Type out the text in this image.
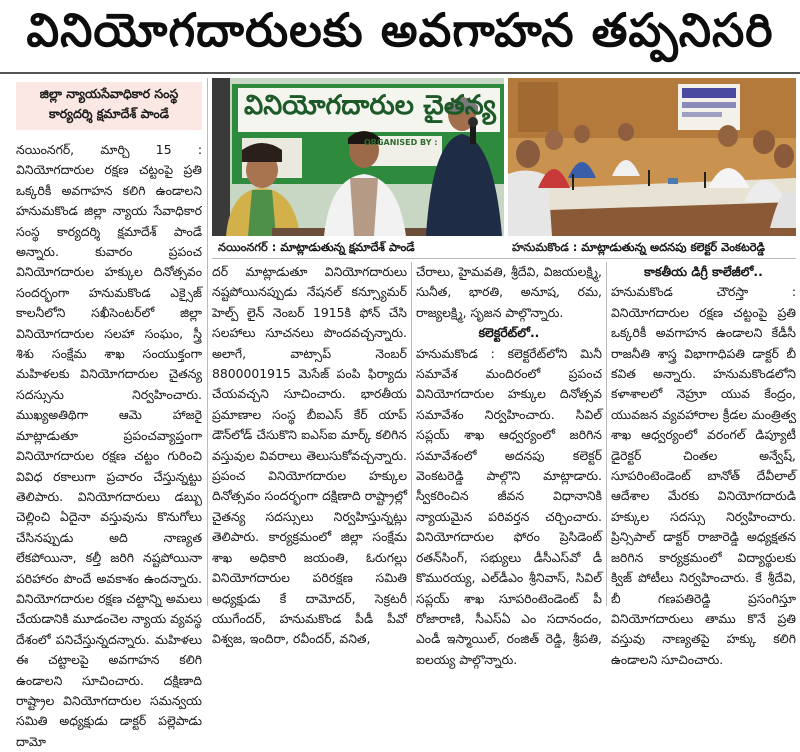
వినియోగదారులకు అవగాహన తప్పనిసరి
జిల్లా న్యాయసేవాధికార సంస్థ
కార్యదర్శి క్షమాదేశ్ పాండే

నయింనగర్, మార్చి 15 : వినియోగదారుల రక్షణ చట్టంపై ప్రతి ఒక్కరికీ అవగాహన కలిగి ఉండాలని హనుమకొండ జిల్లా న్యాయ సేవాధికార సంస్థ కార్యదర్శి క్షమాదేశ్ పాండే అన్నారు. కువారం ప్రపంచ వినియోగదారుల హక్కుల దినోత్సవం సందర్భంగా హనుమకొండ ఎక్సైజ్ కాలనీలోని సఖీసెంటర్‌లో జిల్లా వినియోగదారుల సలహా సంఘం, స్త్రీ శిశు సంక్షేమ శాఖ సంయుక్తంగా మహిళలకు వినియోగదారుల చైతన్య సదస్సును నిర్వహించారు. ముఖ్యఅతిథిగా ఆమె హాజరై మాట్లాడుతూ ప్రపంచవ్యాప్తంగా వినియోగదారుల రక్షణ చట్టం గురించి వివిధ రకాలుగా ప్రచారం చేస్తున్నట్టు తెలిపారు. వినియోగదారులు డబ్బు చెల్లించి ఏదైనా వస్తువును కొనుగోలు చేసినప్పుడు అది నాణ్యత లేకపోయినా, కల్తీ జరిగి నష్టపోయినా పరిహారం పొందే అవకాశం ఉందన్నారు. వినియోగదారుల రక్షణ చట్టాన్ని అమలు చేయడానికి మూడంచెల న్యాయ వ్యవస్థ దేశంలో పనిచేస్తున్నదన్నారు. మహిళలు ఈ చట్టాలపై అవగాహన కలిగి ఉండాలని సూచించారు. దక్షిణాది రాష్ట్రాల వినియోగదారుల సమన్వయ సమితి అధ్యక్షుడు డాక్టర్ పల్లెపాడు దామో

వినియోగదారుల చైతన్య
ORGANISED BY :
నయింనగర్ : మాట్లాడుతున్న క్షమాదేశ్ పాండే	హనుమకొండ : మాట్లాడుతున్న అదనపు కలెక్టర్ వెంకటరెడ్డి

దర్ మాట్లాడుతూ వినియోగదారులు నష్టపోయినప్పుడు నేషనల్ కన్స్యూమర్ హెల్ప్ లైన్ నెంబర్ 1915కి ఫోన్ చేసి సలహాలు సూచనలు పొందవచ్చన్నారు. అలాగే, వాట్సాప్ నెంబర్ 8800001915 మెసేజ్ పంపి ఫిర్యాదు చేయవచ్చని సూచించారు. భారతీయ ప్రమాణాల సంస్థ బీఐఎస్ కేర్ యాప్ డౌన్‌లోడ్ చేసుకొని ఐఎస్ఐ మార్క్ కలిగిన వస్తువుల వివరాలు తెలుసుకోవచ్చన్నారు. ప్రపంచ వినియోగదారుల హక్కుల దినోత్సవం సందర్భంగా దక్షిణాది రాష్ట్రాల్లో చైతన్య సదస్సులు నిర్వహిస్తున్నట్లు తెలిపారు. కార్యక్రమంలో జిల్లా సంక్షేమ శాఖ అధికారి జయంతి, ఓరుగల్లు వినియోగదారుల పరిరక్షణ సమితి అధ్యక్షుడు కే దామోదర్, సెక్రటరీ యుగేందర్, హనుమకొండ పీడీ పీవో విశ్వజ, ఇందిరా, రవీందర్, వనిత,

చేరాలు, హైమవతి, శ్రీదేవి, విజయలక్ష్మి, సునీత, భారతి, అనూష, రమ, రాజ్యలక్ష్మి, సృజన పాల్గొన్నారు.

కలెక్టరేట్‌లో..

హనుమకొండ : కలెక్టరేట్‌లోని మినీ సమావేశ మందిరంలో ప్రపంచ వినియోగదారుల హక్కుల దినోత్సవ సమావేశం నిర్వహించారు. సివిల్ సప్లయ్ శాఖ ఆధ్వర్యంలో జరిగిన సమావేశంలో అదనపు కలెక్టర్ వెంకటరెడ్డి పాల్గొని మాట్లాడారు. స్వీకరించిన జీవన విధానానికి న్యాయమైన పరివర్తన చర్చించారు. వినియోగదారుల ఫోరం ప్రెసిడెంట్ రతన్‌సింగ్, సభ్యులు డీసీఎస్‌వో డీ కొమురయ్య, ఎల్‌డీఎం శ్రీనివాస్, సివిల్ సప్లయ్ శాఖ సూపరింటెండెంట్ పీ రోజారాణి, సీఎస్ఏ ఎం సదానందం, ఎండీ ఇస్మాయిల్, రంజిత్ రెడ్డి, శ్రీపతి, ఐలయ్య పాల్గొన్నారు.

కాకతీయ డిగ్రీ కాలేజీలో..

హనుమకొండ చౌరస్తా : వినియోగదారుల రక్షణ చట్టంపై ప్రతి ఒక్కరికీ అవగాహన ఉండాలని కేడీసీ రాజనీతి శాస్త్ర విభాగాధిపతి డాక్టర్ బీ కవిత అన్నారు. హనుమకొండలోని కళాశాలలో నెహ్రూ యువ కేంద్రం, యువజన వ్యవహారాల క్రీడల మంత్రిత్వ శాఖ ఆధ్వర్యంలో వరంగల్ డిప్యూటీ డైరెక్టర్ చింతల అన్వేష్, సూపరింటెండెంట్ బానోత్ దేవీలాల్ ఆదేశాల మేరకు వినియోగదారుడి హక్కుల సదస్సు నిర్వహించారు. ప్రిన్సిపాల్ డాక్టర్ రాజారెడ్డి అధ్యక్షతన జరిగిన కార్యక్రమంలో విద్యార్థులకు క్విజ్ పోటీలు నిర్వహించారు. కే శ్రీదేవి, బీ గణపతిరెడ్డి ప్రసంగిస్తూ వినియోగదారులు తాము కొనే ప్రతి వస్తువు నాణ్యతపై హక్కు కలిగి ఉండాలని సూచించారు.
